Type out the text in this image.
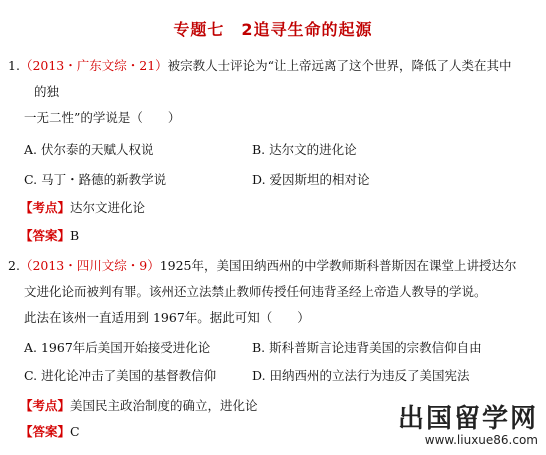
专题七　2追寻生命的起源
1.（2013・广东文综・21）被宗教人士评论为“让上帝远离了这个世界，降低了人类在其中
的独
一无二性”的学说是（　　）
A. 伏尔泰的天赋人权说	B. 达尔文的进化论
C. 马丁・路德的新教学说	D. 爱因斯坦的相对论
【考点】达尔文进化论
【答案】B
2.（2013・四川文综・9）1925年，美国田纳西州的中学教师斯科普斯因在课堂上讲授达尔
文进化论而被判有罪。该州还立法禁止教师传授任何违背圣经上帝造人教导的学说。
此法在该州一直适用到 1967年。据此可知（　　）
A. 1967年后美国开始接受进化论	B. 斯科普斯言论违背美国的宗教信仰自由
C. 进化论冲击了美国的基督教信仰	D. 田纳西州的立法行为违反了美国宪法
【考点】美国民主政治制度的确立，进化论
【答案】C	出国留学网
www.liuxue86.com
